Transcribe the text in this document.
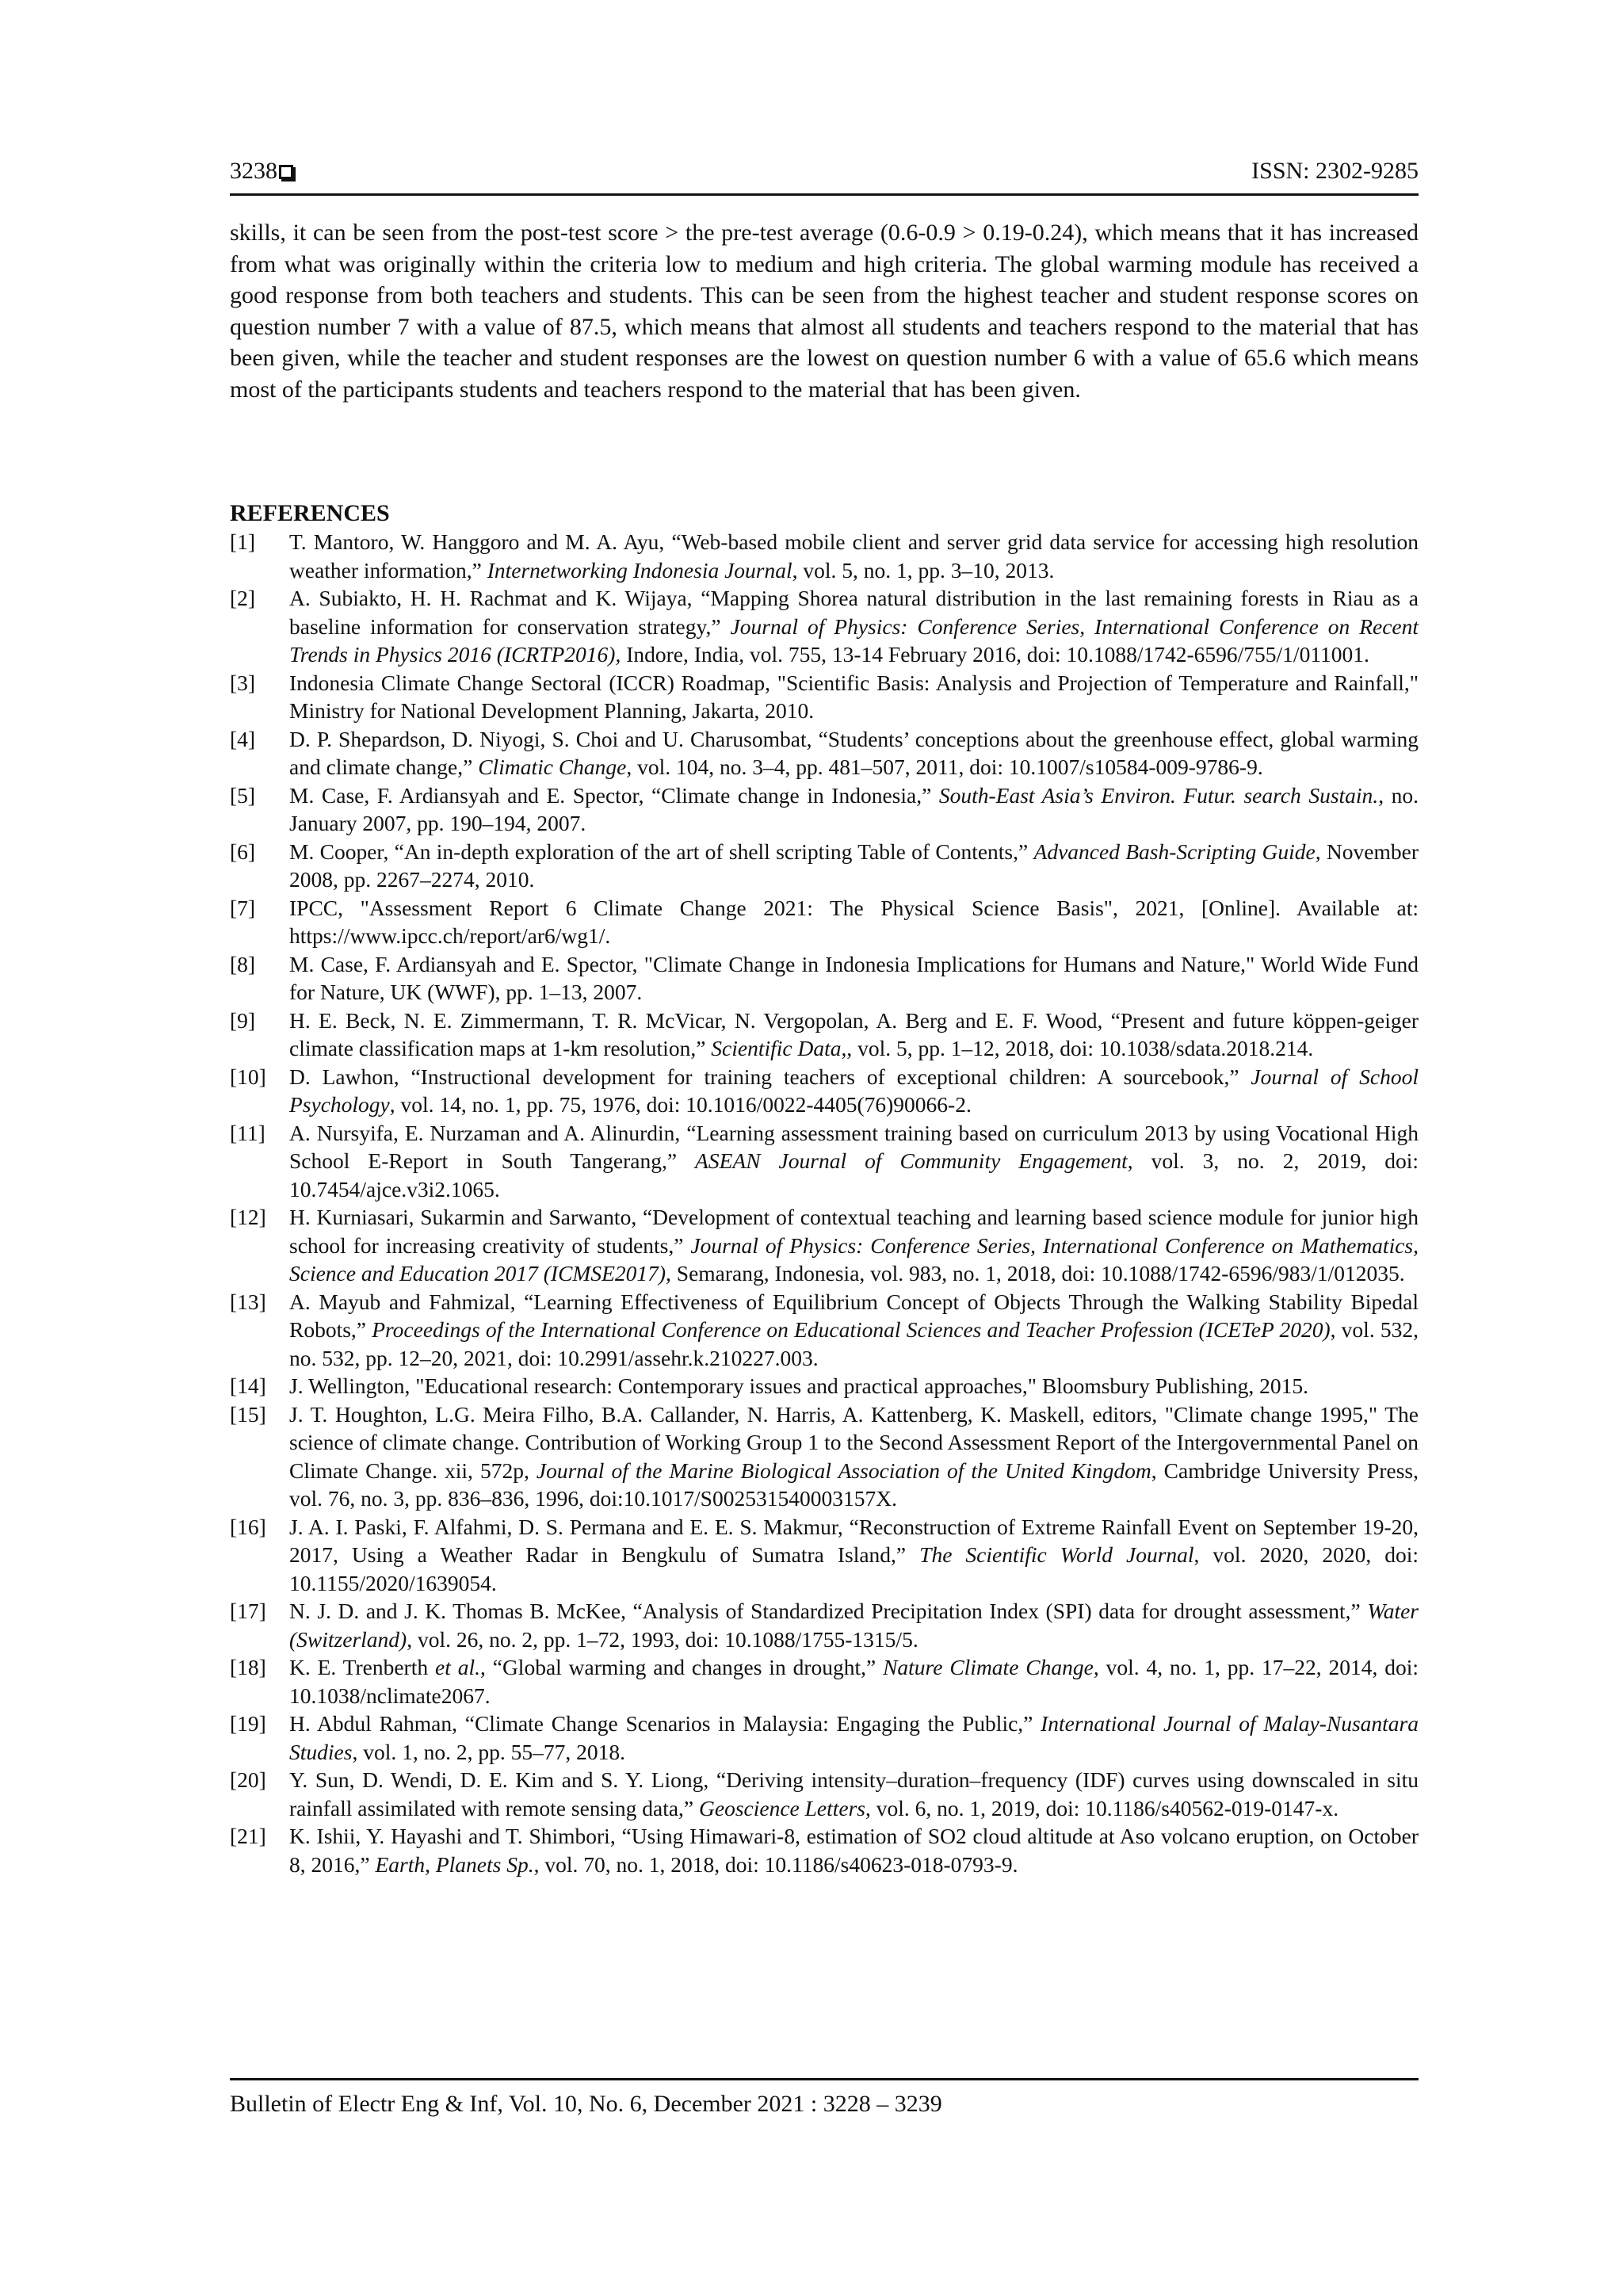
3238	ISSN: 2302-9285
skills, it can be seen from the post-test score > the pre-test average (0.6-0.9 > 0.19-0.24), which means that it has increased from what was originally within the criteria low to medium and high criteria. The global warming module has received a good response from both teachers and students. This can be seen from the highest teacher and student response scores on question number 7 with a value of 87.5, which means that almost all students and teachers respond to the material that has been given, while the teacher and student responses are the lowest on question number 6 with a value of 65.6 which means most of the participants students and teachers respond to the material that has been given.
REFERENCES
[1] T. Mantoro, W. Hanggoro and M. A. Ayu, “Web-based mobile client and server grid data service for accessing high resolution weather information,” Internetworking Indonesia Journal, vol. 5, no. 1, pp. 3–10, 2013.
[2] A. Subiakto, H. H. Rachmat and K. Wijaya, “Mapping Shorea natural distribution in the last remaining forests in Riau as a baseline information for conservation strategy,” Journal of Physics: Conference Series, International Conference on Recent Trends in Physics 2016 (ICRTP2016), Indore, India, vol. 755, 13-14 February 2016, doi: 10.1088/1742-6596/755/1/011001.
[3] Indonesia Climate Change Sectoral (ICCR) Roadmap, "Scientific Basis: Analysis and Projection of Temperature and Rainfall," Ministry for National Development Planning, Jakarta, 2010.
[4] D. P. Shepardson, D. Niyogi, S. Choi and U. Charusombat, “Students’ conceptions about the greenhouse effect, global warming and climate change,” Climatic Change, vol. 104, no. 3–4, pp. 481–507, 2011, doi: 10.1007/s10584-009-9786-9.
[5] M. Case, F. Ardiansyah and E. Spector, “Climate change in Indonesia,” South-East Asia’s Environ. Futur. search Sustain., no. January 2007, pp. 190–194, 2007.
[6] M. Cooper, “An in-depth exploration of the art of shell scripting Table of Contents,” Advanced Bash-Scripting Guide, November 2008, pp. 2267–2274, 2010.
[7] IPCC, "Assessment Report 6 Climate Change 2021: The Physical Science Basis", 2021, [Online]. Available at: https://www.ipcc.ch/report/ar6/wg1/.
[8] M. Case, F. Ardiansyah and E. Spector, "Climate Change in Indonesia Implications for Humans and Nature," World Wide Fund for Nature, UK (WWF), pp. 1–13, 2007.
[9] H. E. Beck, N. E. Zimmermann, T. R. McVicar, N. Vergopolan, A. Berg and E. F. Wood, “Present and future köppen-geiger climate classification maps at 1-km resolution,” Scientific Data,, vol. 5, pp. 1–12, 2018, doi: 10.1038/sdata.2018.214.
[10] D. Lawhon, “Instructional development for training teachers of exceptional children: A sourcebook,” Journal of School Psychology, vol. 14, no. 1, pp. 75, 1976, doi: 10.1016/0022-4405(76)90066-2.
[11] A. Nursyifa, E. Nurzaman and A. Alinurdin, “Learning assessment training based on curriculum 2013 by using Vocational High School E-Report in South Tangerang,” ASEAN Journal of Community Engagement, vol. 3, no. 2, 2019, doi: 10.7454/ajce.v3i2.1065.
[12] H. Kurniasari, Sukarmin and Sarwanto, “Development of contextual teaching and learning based science module for junior high school for increasing creativity of students,” Journal of Physics: Conference Series, International Conference on Mathematics, Science and Education 2017 (ICMSE2017), Semarang, Indonesia, vol. 983, no. 1, 2018, doi: 10.1088/1742-6596/983/1/012035.
[13] A. Mayub and Fahmizal, “Learning Effectiveness of Equilibrium Concept of Objects Through the Walking Stability Bipedal Robots,” Proceedings of the International Conference on Educational Sciences and Teacher Profession (ICETeP 2020), vol. 532, no. 532, pp. 12–20, 2021, doi: 10.2991/assehr.k.210227.003.
[14] J. Wellington, "Educational research: Contemporary issues and practical approaches," Bloomsbury Publishing, 2015.
[15] J. T. Houghton, L.G. Meira Filho, B.A. Callander, N. Harris, A. Kattenberg, K. Maskell, editors, "Climate change 1995," The science of climate change. Contribution of Working Group 1 to the Second Assessment Report of the Intergovernmental Panel on Climate Change. xii, 572p, Journal of the Marine Biological Association of the United Kingdom, Cambridge University Press, vol. 76, no. 3, pp. 836–836, 1996, doi:10.1017/S002531540003157X.
[16] J. A. I. Paski, F. Alfahmi, D. S. Permana and E. E. S. Makmur, “Reconstruction of Extreme Rainfall Event on September 19-20, 2017, Using a Weather Radar in Bengkulu of Sumatra Island,” The Scientific World Journal, vol. 2020, 2020, doi: 10.1155/2020/1639054.
[17] N. J. D. and J. K. Thomas B. McKee, “Analysis of Standardized Precipitation Index (SPI) data for drought assessment,” Water (Switzerland), vol. 26, no. 2, pp. 1–72, 1993, doi: 10.1088/1755-1315/5.
[18] K. E. Trenberth et al., “Global warming and changes in drought,” Nature Climate Change, vol. 4, no. 1, pp. 17–22, 2014, doi: 10.1038/nclimate2067.
[19] H. Abdul Rahman, “Climate Change Scenarios in Malaysia: Engaging the Public,” International Journal of Malay-Nusantara Studies, vol. 1, no. 2, pp. 55–77, 2018.
[20] Y. Sun, D. Wendi, D. E. Kim and S. Y. Liong, “Deriving intensity–duration–frequency (IDF) curves using downscaled in situ rainfall assimilated with remote sensing data,” Geoscience Letters, vol. 6, no. 1, 2019, doi: 10.1186/s40562-019-0147-x.
[21] K. Ishii, Y. Hayashi and T. Shimbori, “Using Himawari-8, estimation of SO2 cloud altitude at Aso volcano eruption, on October 8, 2016,” Earth, Planets Sp., vol. 70, no. 1, 2018, doi: 10.1186/s40623-018-0793-9.
Bulletin of Electr Eng & Inf, Vol. 10, No. 6, December 2021 : 3228 – 3239
